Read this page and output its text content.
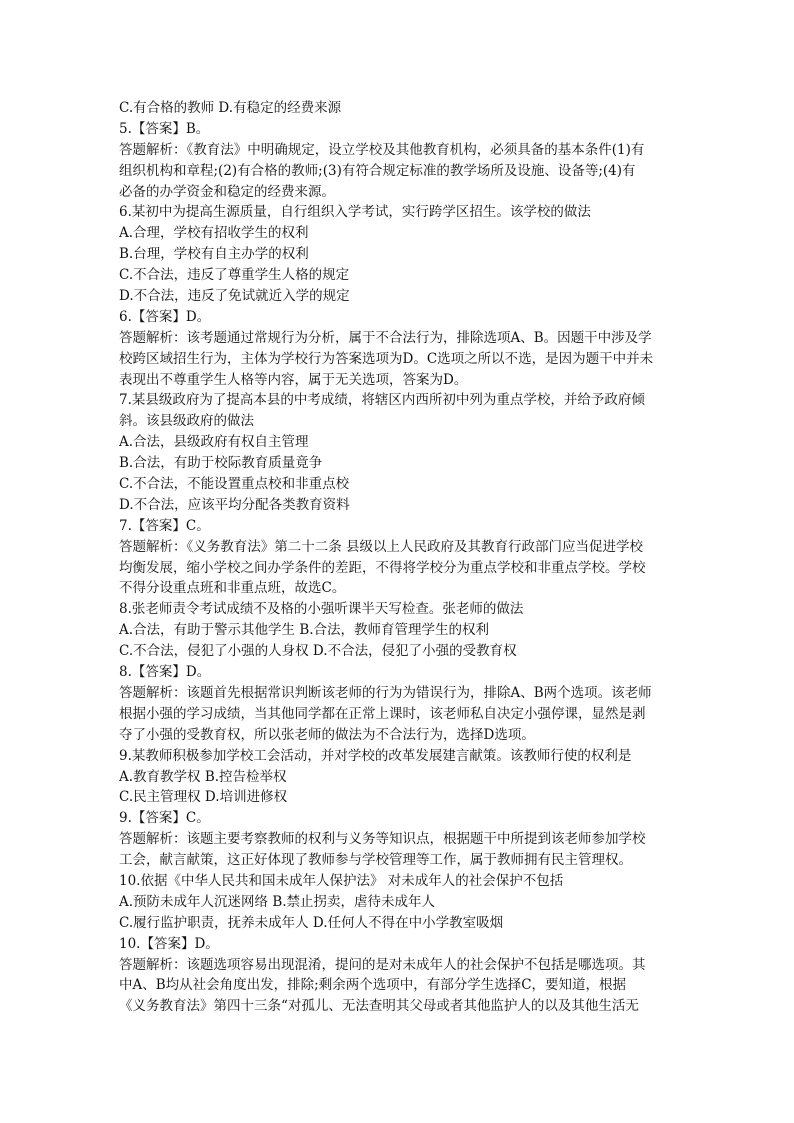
C.有合格的教师 D.有稳定的经费来源
5.【答案】B。
答题解析：《教育法》中明确规定，设立学校及其他教育机构，必须具备的基本条件(1)有
组织机构和章程;(2)有合格的教师;(3)有符合规定标准的教学场所及设施、设备等;(4)有
必备的办学资金和稳定的经费来源。
6.某初中为提高生源质量，自行组织入学考试，实行跨学区招生。该学校的做法
A.合理，学校有招收学生的权利
B.台理，学校有自主办学的权利
C.不合法，违反了尊重学生人格的规定
D.不合法，违反了免试就近入学的规定
6.【答案】D。
答题解析：该考题通过常规行为分析，属于不合法行为，排除选项A、B。因题干中涉及学
校跨区域招生行为，主体为学校行为答案选项为D。C选项之所以不选，是因为题干中并未
表现出不尊重学生人格等内容，属于无关选项，答案为D。
7.某县级政府为了提高本县的中考成绩，将辖区内西所初中列为重点学校，并给予政府倾
斜。该县级政府的做法
A.合法，县级政府有权自主管理
B.合法，有助于校际教育质量竟争
C.不合法，不能设置重点校和非重点校
D.不合法，应该平均分配各类教育资料
7.【答案】C。
答题解析：《义务教育法》第二十二条 县级以上人民政府及其教育行政部门应当促进学校
均衡发展，缩小学校之间办学条件的差距，不得将学校分为重点学校和非重点学校。学校
不得分设重点班和非重点班，故选C。
8.张老师责令考试成绩不及格的小强听课半天写检查。张老师的做法
A.合法，有助于警示其他学生 B.合法，教师育管理学生的权利
C.不合法，侵犯了小强的人身权 D.不合法，侵犯了小强的受教育权
8.【答案】D。
答题解析：该题首先根据常识判断该老师的行为为错误行为，排除A、B两个选项。该老师
根据小强的学习成绩，当其他同学都在正常上课时，该老师私自决定小强停课，显然是剥
夺了小强的受教育权，所以张老师的做法为不合法行为，选择D选项。
9.某教师积极参加学校工会活动，并对学校的改革发展建言献策。该教师行使的权利是
A.教育教学权 B.控告检举权
C.民主管理权 D.培训进修权
9.【答案】C。
答题解析：该题主要考察教师的权利与义务等知识点，根据题干中所提到该老师参加学校
工会，献言献策，这正好体现了教师参与学校管理等工作，属于教师拥有民主管理权。
10.依据《中华人民共和国未成年人保护法》 对未成年人的社会保护不包括
A.预防未成年人沉迷网络 B.禁止拐卖，虐待未成年人
C.履行监护职责，抚养未成年人 D.任何人不得在中小学教室吸烟
10.【答案】D。
答题解析：该题选项容易出现混淆，提问的是对未成年人的社会保护不包括是哪选项。其
中A、B均从社会角度出发，排除;剩余两个选项中，有部分学生选择C，要知道，根据
《义务教育法》第四十三条“对孤儿、无法查明其父母或者其他监护人的以及其他生活无
